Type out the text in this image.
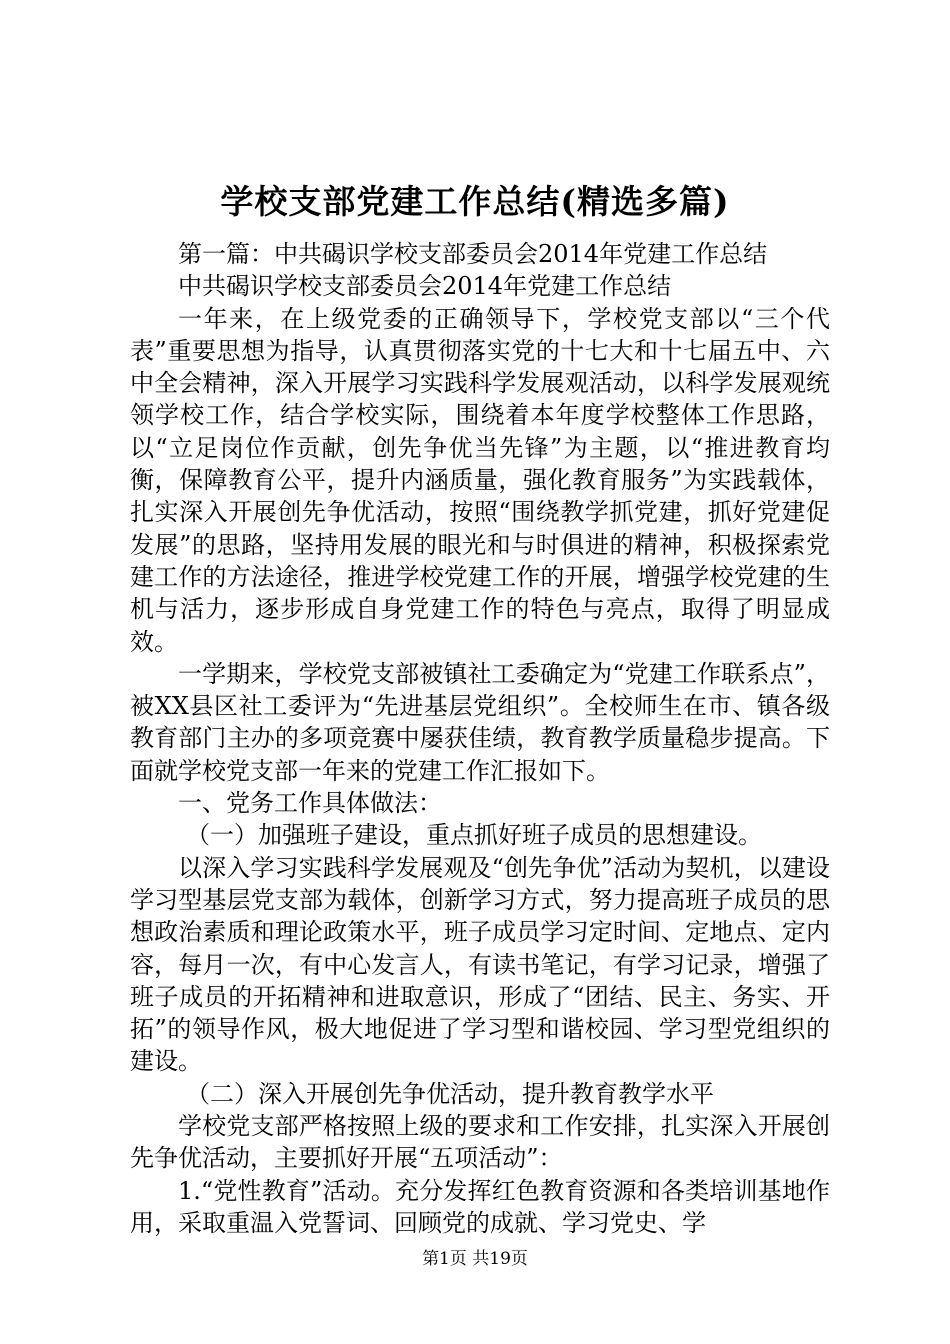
学校支部党建工作总结(精选多篇)

第一篇：中共碣识学校支部委员会2014年党建工作总结

中共碣识学校支部委员会2014年党建工作总结

一年来，在上级党委的正确领导下，学校党支部以“三个代表”重要思想为指导，认真贯彻落实党的十七大和十七届五中、六中全会精神，深入开展学习实践科学发展观活动，以科学发展观统领学校工作，结合学校实际，围绕着本年度学校整体工作思路，以“立足岗位作贡献，创先争优当先锋”为主题，以“推进教育均衡，保障教育公平，提升内涵质量，强化教育服务”为实践载体，扎实深入开展创先争优活动，按照“围绕教学抓党建，抓好党建促发展”的思路，坚持用发展的眼光和与时俱进的精神，积极探索党建工作的方法途径，推进学校党建工作的开展，增强学校党建的生机与活力，逐步形成自身党建工作的特色与亮点，取得了明显成效。

一学期来，学校党支部被镇社工委确定为“党建工作联系点”，被XX县区社工委评为“先进基层党组织”。全校师生在市、镇各级教育部门主办的多项竞赛中屡获佳绩，教育教学质量稳步提高。下面就学校党支部一年来的党建工作汇报如下。

一、党务工作具体做法：

（一）加强班子建设，重点抓好班子成员的思想建设。

以深入学习实践科学发展观及“创先争优”活动为契机，以建设学习型基层党支部为载体，创新学习方式，努力提高班子成员的思想政治素质和理论政策水平，班子成员学习定时间、定地点、定内容，每月一次，有中心发言人，有读书笔记，有学习记录，增强了班子成员的开拓精神和进取意识，形成了“团结、民主、务实、开拓”的领导作风，极大地促进了学习型和谐校园、学习型党组织的建设。

（二）深入开展创先争优活动，提升教育教学水平

学校党支部严格按照上级的要求和工作安排，扎实深入开展创先争优活动，主要抓好开展“五项活动”：

1.“党性教育”活动。充分发挥红色教育资源和各类培训基地作用，采取重温入党誓词、回顾党的成就、学习党史、学

第1页 共19页
